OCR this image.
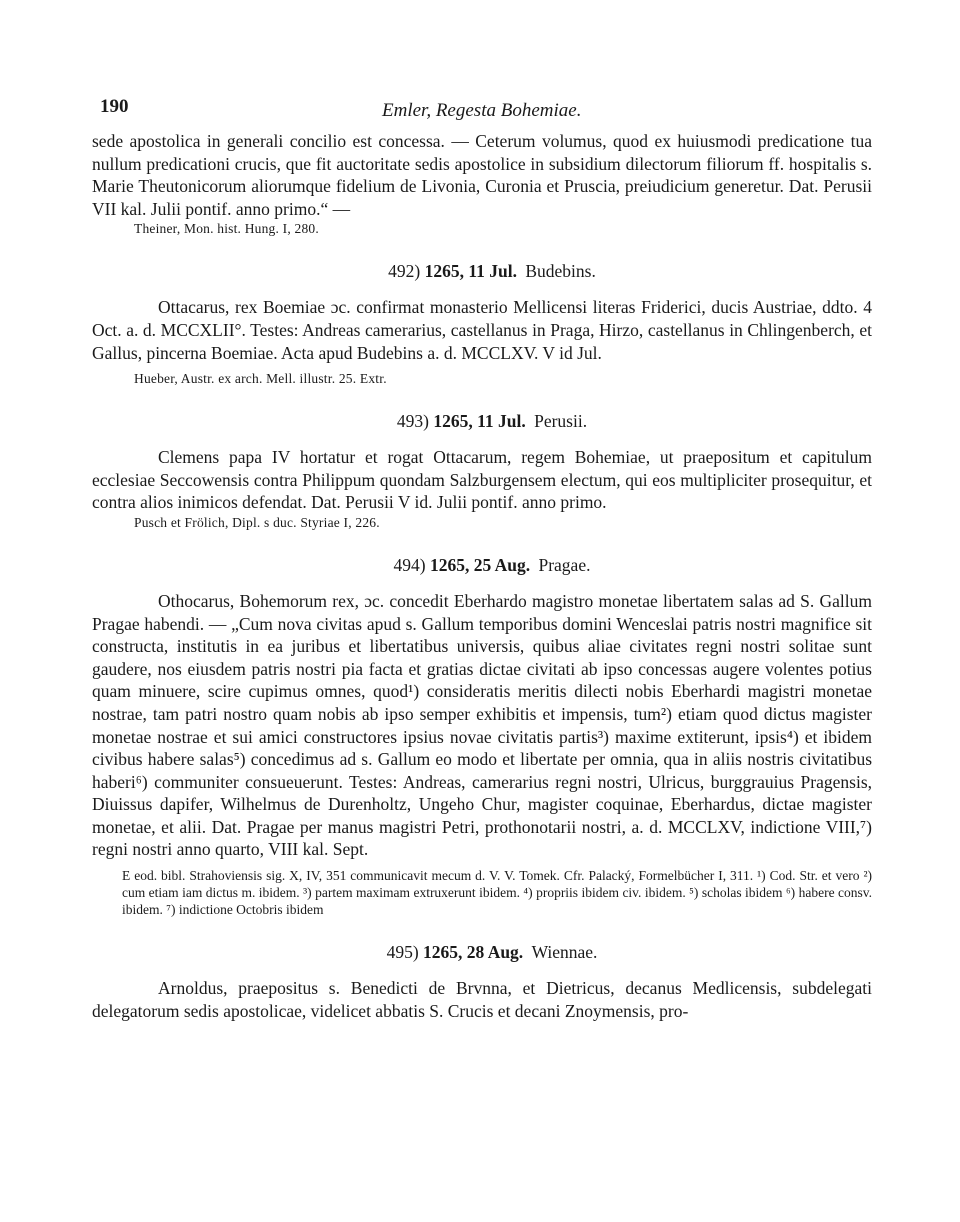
190	Emler, Regesta Bohemiae.

sede apostolica in generali concilio est concessa. — Ceterum volumus, quod ex huiusmodi predicatione tua nullum predicationi crucis, que fit auctoritate sedis apostolice in subsidium dilectorum filiorum ff. hospitalis s. Marie Theutonicorum aliorumque fidelium de Livonia, Curonia et Pruscia, preiudicium generetur. Dat. Perusii VII kal. Julii pontif. anno primo.“ —

Theiner, Mon. hist. Hung. I, 280.

492) 1265, 11 Jul. Budebins.

Ottacarus, rex Boemiae ɔc. confirmat monasterio Mellicensi literas Friderici, ducis Austriae, ddto. 4 Oct. a. d. MCCXLII°. Testes: Andreas camerarius, castellanus in Praga, Hirzo, castellanus in Chlingenberch, et Gallus, pincerna Boemiae. Acta apud Budebins a. d. MCCLXV. V id Jul.

Hueber, Austr. ex arch. Mell. illustr. 25. Extr.

493) 1265, 11 Jul. Perusii.

Clemens papa IV hortatur et rogat Ottacarum, regem Bohemiae, ut praepositum et capitulum ecclesiae Seccowensis contra Philippum quondam Salzburgensem electum, qui eos multipliciter prosequitur, et contra alios inimicos defendat. Dat. Perusii V id. Julii pontif. anno primo.

Pusch et Frölich, Dipl. s duc. Styriae I, 226.

494) 1265, 25 Aug. Pragae.

Othocarus, Bohemorum rex, ɔc. concedit Eberhardo magistro monetae libertatem salas ad S. Gallum Pragae habendi. — „Cum nova civitas apud s. Gallum temporibus domini Wenceslai patris nostri magnifice sit constructa, institutis in ea juribus et libertatibus universis, quibus aliae civitates regni nostri solitae sunt gaudere, nos eiusdem patris nostri pia facta et gratias dictae civitati ab ipso concessas augere volentes potius quam minuere, scire cupimus omnes, quod¹) consideratis meritis dilecti nobis Eberhardi magistri monetae nostrae, tam patri nostro quam nobis ab ipso semper exhibitis et impensis, tum²) etiam quod dictus magister monetae nostrae et sui amici constructores ipsius novae civitatis partis³) maxime extiterunt, ipsis⁴) et ibidem civibus habere salas⁵) concedimus ad s. Gallum eo modo et libertate per omnia, qua in aliis nostris civitatibus haberi⁶) communiter consueuerunt. Testes: Andreas, camerarius regni nostri, Ulricus, burggrauius Pragensis, Diuissus dapifer, Wilhelmus de Durenholtz, Ungeho Chur, magister coquinae, Eberhardus, dictae magister monetae, et alii. Dat. Pragae per manus magistri Petri, prothonotarii nostri, a. d. MCCLXV, indictione VIII,⁷) regni nostri anno quarto, VIII kal. Sept.

E eod. bibl. Strahoviensis sig. X, IV, 351 communicavit mecum d. V. V. Tomek. Cfr. Palacký, Formelbücher I, 311. ¹) Cod. Str. et vero ²) cum etiam iam dictus m. ibidem. ³) partem maximam extruxerunt ibidem. ⁴) propriis ibidem civ. ibidem. ⁵) scholas ibidem ⁶) habere consv. ibidem. ⁷) indictione Octobris ibidem

495) 1265, 28 Aug. Wiennae.

Arnoldus, praepositus s. Benedicti de Brvnna, et Dietricus, decanus Medlicensis, subdelegati delegatorum sedis apostolicae, videlicet abbatis S. Crucis et decani Znoymensis, pro-
